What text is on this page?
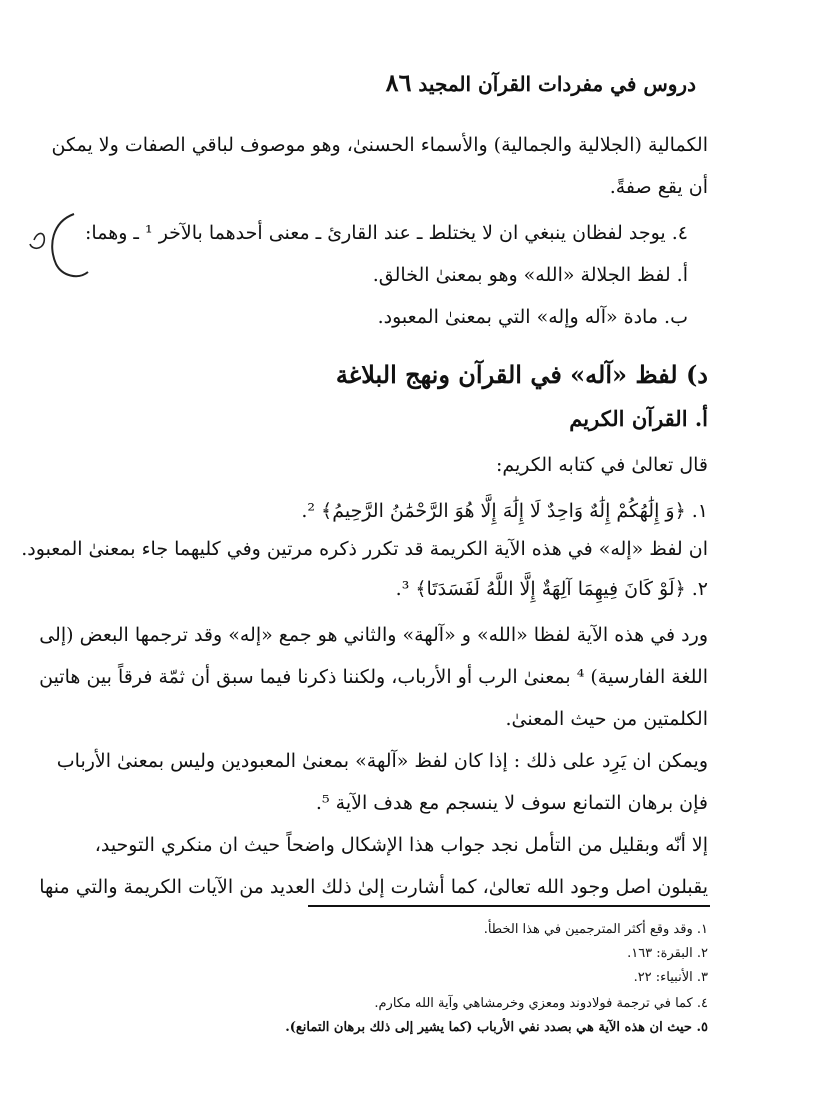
دروس في مفردات القرآن المجيد ٨٦
الكمالية (الجلالية والجمالية) والأسماء الحسنىٰ، وهو موصوف لباقي الصفات ولا يمكن
أن يقع صفةً.
٤. يوجد لفظان ينبغي ان لا يختلط ـ عند القارئ ـ معنى أحدهما بالآخر ¹ ـ وهما:
أ. لفظ الجلالة «الله» وهو بمعنىٰ الخالق.
ب. مادة «آله وإله» التي بمعنىٰ المعبود.
د) لفظ «آله» في القرآن ونهج البلاغة
أ. القرآن الكريم
قال تعالىٰ في كتابه الكريم:
١. ﴿وَ إِلَٰهُكُمْ إِلَٰهٌ وَاحِدٌ لَا إِلَٰهَ إِلَّا هُوَ الرَّحْمَٰنُ الرَّحِيمُ﴾ ².
ان لفظ «إله» في هذه الآية الكريمة قد تكرر ذكره مرتين وفي كليهما جاء بمعنىٰ المعبود.
٢. ﴿لَوْ كَانَ فِيهِمَا آلِهَةٌ إِلَّا اللَّهُ لَفَسَدَتَا﴾ ³.
ورد في هذه الآية لفظا «الله» و «آلهة» والثاني هو جمع «إله» وقد ترجمها البعض (إلى
اللغة الفارسية) ⁴ بمعنىٰ الرب أو الأرباب، ولكننا ذكرنا فيما سبق أن ثمّة فرقاً بين هاتين
الكلمتين من حيث المعنىٰ.
ويمكن ان يَرِد على ذلك : إذا كان لفظ «آلهة» بمعنىٰ المعبودين وليس بمعنىٰ الأرباب
فإن برهان التمانع سوف لا ينسجم مع هدف الآية ⁵.
إلا أنّه وبقليل من التأمل نجد جواب هذا الإشكال واضحاً حيث ان منكري التوحيد،
يقبلون اصل وجود الله تعالىٰ، كما أشارت إلىٰ ذلك العديد من الآيات الكريمة والتي منها
١. وقد وقع أكثر المترجمين في هذا الخطأ.
٢. البقرة: ١٦٣.
٣. الأنبياء: ٢٢.
٤. كما في ترجمة فولادوند ومعزي وخرمشاهي وآية الله مكارم.
٥. حيث ان هذه الآية هي بصدد نفي الأرباب (كما يشير إلى ذلك برهان التمانع).
